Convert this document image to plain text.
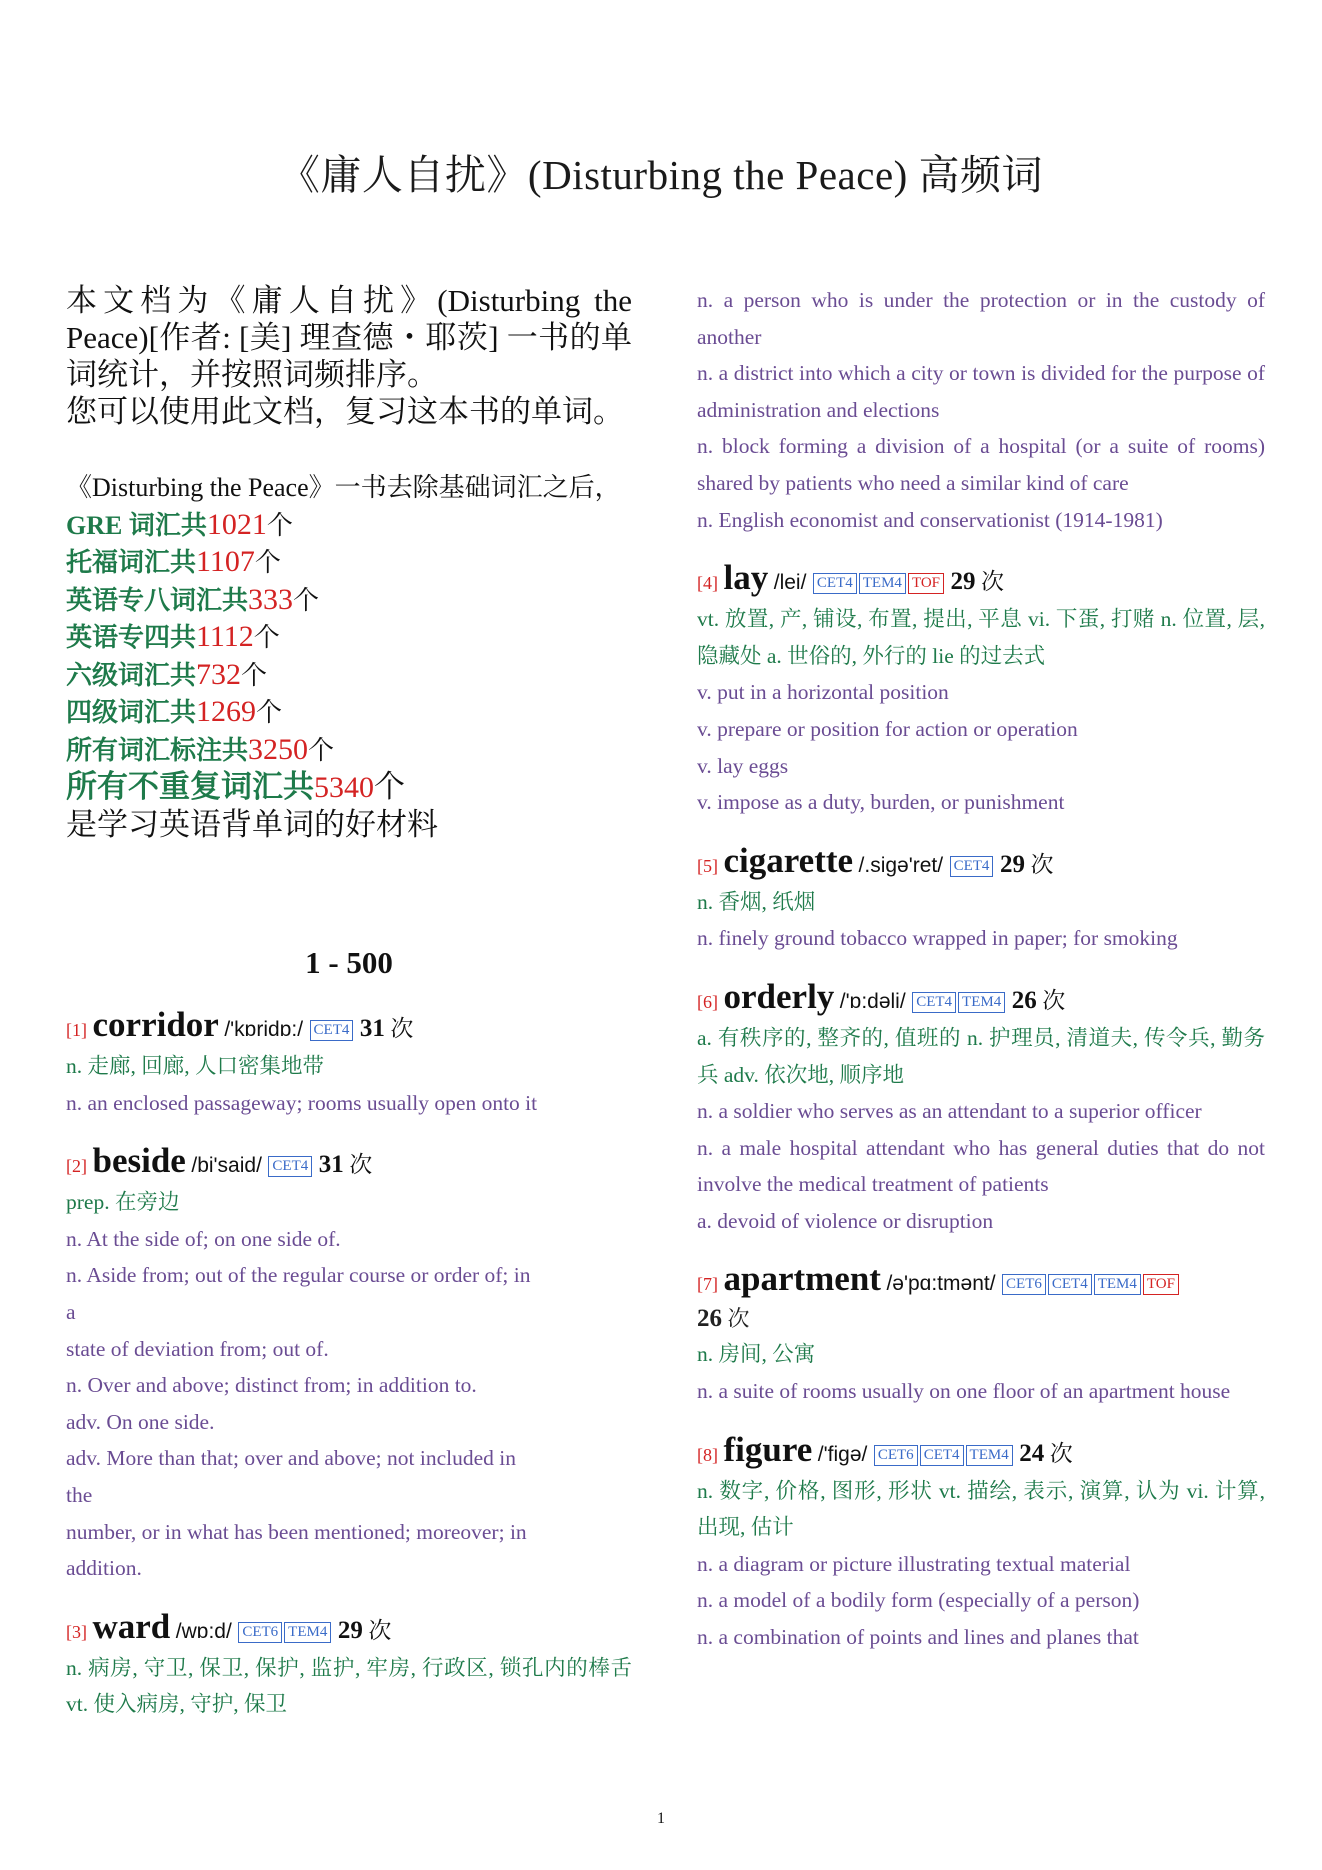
《庸人自扰》(Disturbing the Peace) 高频词

本文档为《庸人自扰》(Disturbing the Peace)[作者: [美] 理查德・耶茨] 一书的单词统计，并按照词频排序。

您可以使用此文档，复习这本书的单词。

《Disturbing the Peace》一书去除基础词汇之后，
GRE 词汇共1021个
托福词汇共1107个
英语专八词汇共333个
英语专四共1112个
六级词汇共732个
四级词汇共1269个
所有词汇标注共3250个
所有不重复词汇共5340个
是学习英语背单词的好材料
1 - 500
[1] corridor /'kɒridɒ:/ CET4 31 次
n. 走廊, 回廊, 人口密集地带
n. an enclosed passageway; rooms usually open onto it
[2] beside /bi'said/ CET4 31 次
prep. 在旁边
n. At the side of; on one side of.
n. Aside from; out of the regular course or order of; in
a
state of deviation from; out of.
n. Over and above; distinct from; in addition to.
adv. On one side.
adv. More than that; over and above; not included in
the
number, or in what has been mentioned; moreover; in
addition.
[3] ward /wɒ:d/ CET6 TEM4 29 次
n. 病房, 守卫, 保卫, 保护, 监护, 牢房, 行政区, 锁孔内的棒舌 vt. 使入病房, 守护, 保卫
n. a person who is under the protection or in the custody of another
n. a district into which a city or town is divided for the purpose of administration and elections
n. block forming a division of a hospital (or a suite of rooms) shared by patients who need a similar kind of care
n. English economist and conservationist (1914-1981)
[4] lay /lei/ CET4 TEM4 TOF 29 次
vt. 放置, 产, 铺设, 布置, 提出, 平息 vi. 下蛋, 打赌 n. 位置, 层, 隐藏处 a. 世俗的, 外行的 lie 的过去式
v. put in a horizontal position
v. prepare or position for action or operation
v. lay eggs
v. impose as a duty, burden, or punishment
[5] cigarette /.sigə'ret/ CET4 29 次
n. 香烟, 纸烟
n. finely ground tobacco wrapped in paper; for smoking
[6] orderly /'ɒ:dəli/ CET4 TEM4 26 次
a. 有秩序的, 整齐的, 值班的 n. 护理员, 清道夫, 传令兵, 勤务兵 adv. 依次地, 顺序地
n. a soldier who serves as an attendant to a superior officer
n. a male hospital attendant who has general duties that do not involve the medical treatment of patients
a. devoid of violence or disruption
[7] apartment /ə'pɑ:tmənt/ CET6 CET4 TEM4 TOF
26 次
n. 房间, 公寓
n. a suite of rooms usually on one floor of an apartment house
[8] figure /'figə/ CET6 CET4 TEM4 24 次
n. 数字, 价格, 图形, 形状 vt. 描绘, 表示, 演算, 认为 vi. 计算, 出现, 估计
n. a diagram or picture illustrating textual material
n. a model of a bodily form (especially of a person)
n. a combination of points and lines and planes that
1
